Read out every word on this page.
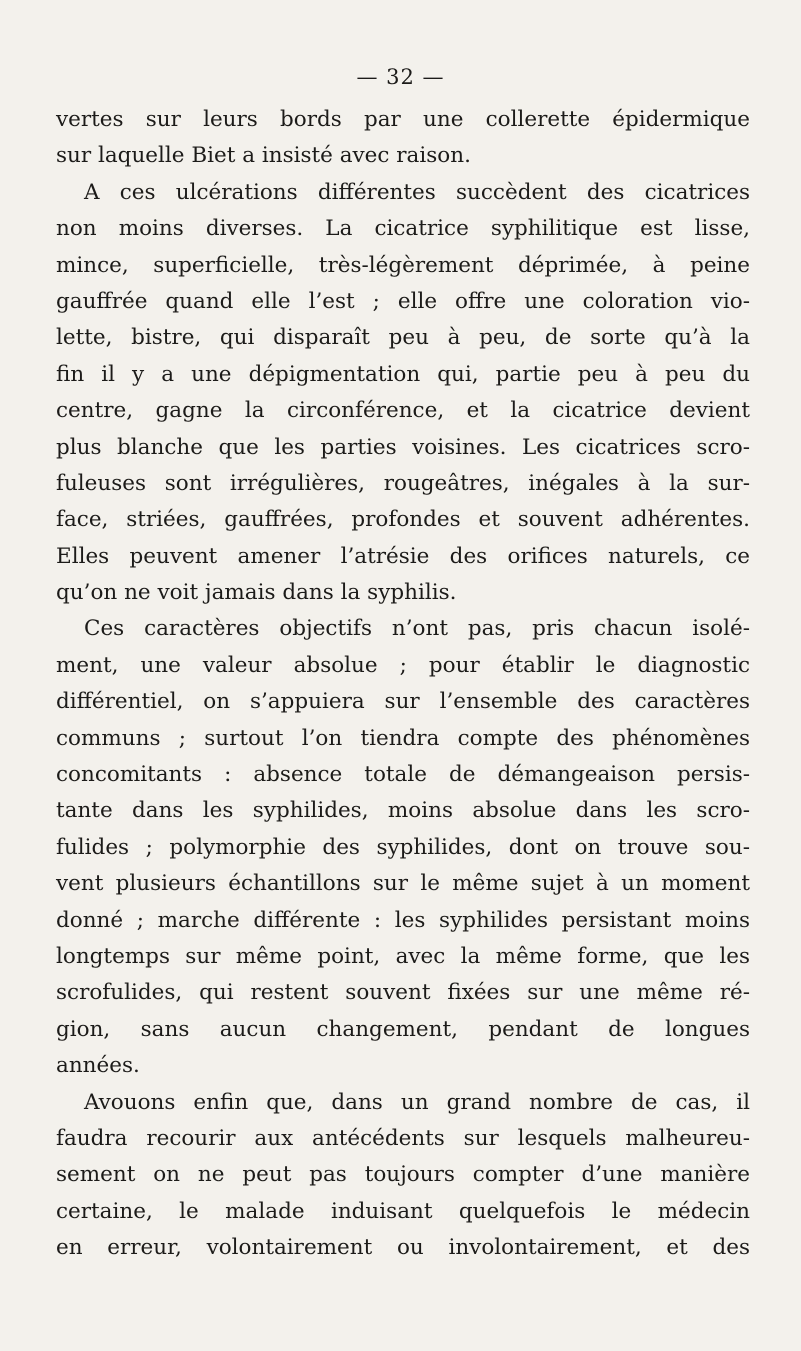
— 32 —
vertes sur leurs bords par une collerette épidermique
sur laquelle Biet a insisté avec raison.
A ces ulcérations différentes succèdent des cicatrices
non moins diverses. La cicatrice syphilitique est lisse,
mince, superficielle, très-légèrement déprimée, à peine
gauffrée quand elle l’est ; elle offre une coloration vio-
lette, bistre, qui disparaît peu à peu, de sorte qu’à la
fin il y a une dépigmentation qui, partie peu à peu du
centre, gagne la circonférence, et la cicatrice devient
plus blanche que les parties voisines. Les cicatrices scro-
fuleuses sont irrégulières, rougeâtres, inégales à la sur-
face, striées, gauffrées, profondes et souvent adhérentes.
Elles peuvent amener l’atrésie des orifices naturels, ce
qu’on ne voit jamais dans la syphilis.
Ces caractères objectifs n’ont pas, pris chacun isolé-
ment, une valeur absolue ; pour établir le diagnostic
différentiel, on s’appuiera sur l’ensemble des caractères
communs ; surtout l’on tiendra compte des phénomènes
concomitants : absence totale de démangeaison persis-
tante dans les syphilides, moins absolue dans les scro-
fulides ; polymorphie des syphilides, dont on trouve sou-
vent plusieurs échantillons sur le même sujet à un moment
donné ; marche différente : les syphilides persistant moins
longtemps sur même point, avec la même forme, que les
scrofulides, qui restent souvent fixées sur une même ré-
gion, sans aucun changement, pendant de longues
années.
Avouons enfin que, dans un grand nombre de cas, il
faudra recourir aux antécédents sur lesquels malheureu-
sement on ne peut pas toujours compter d’une manière
certaine, le malade induisant quelquefois le médecin
en erreur, volontairement ou involontairement, et des
